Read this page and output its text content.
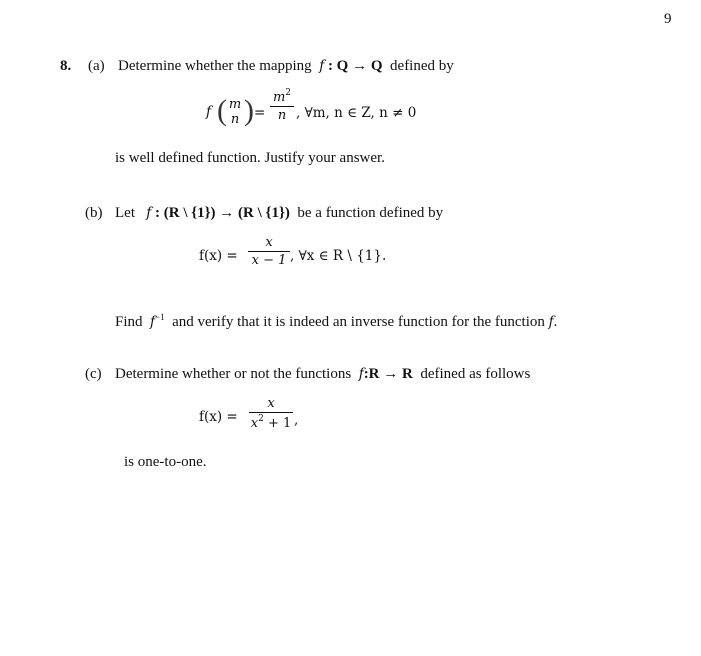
9
8. (a) Determine whether the mapping f : Q → Q defined by
f ( m
n ) =
$m^2$
n , ∀m, n ∈ Z, n ≠ 0
is well defined function. Justify your answer.
(b) Let f : (R \ {1}) → (R \ {1}) be a function defined by
f(x) =
x
x − 1 , ∀x ∈ R \ {1}.
Find $f^{-1}$ and verify that it is indeed an inverse function for the function f.
(c) Determine whether or not the functions f:R → R defined as follows
f(x) =
x
$x^2 + 1$ ,
is one-to-one.
